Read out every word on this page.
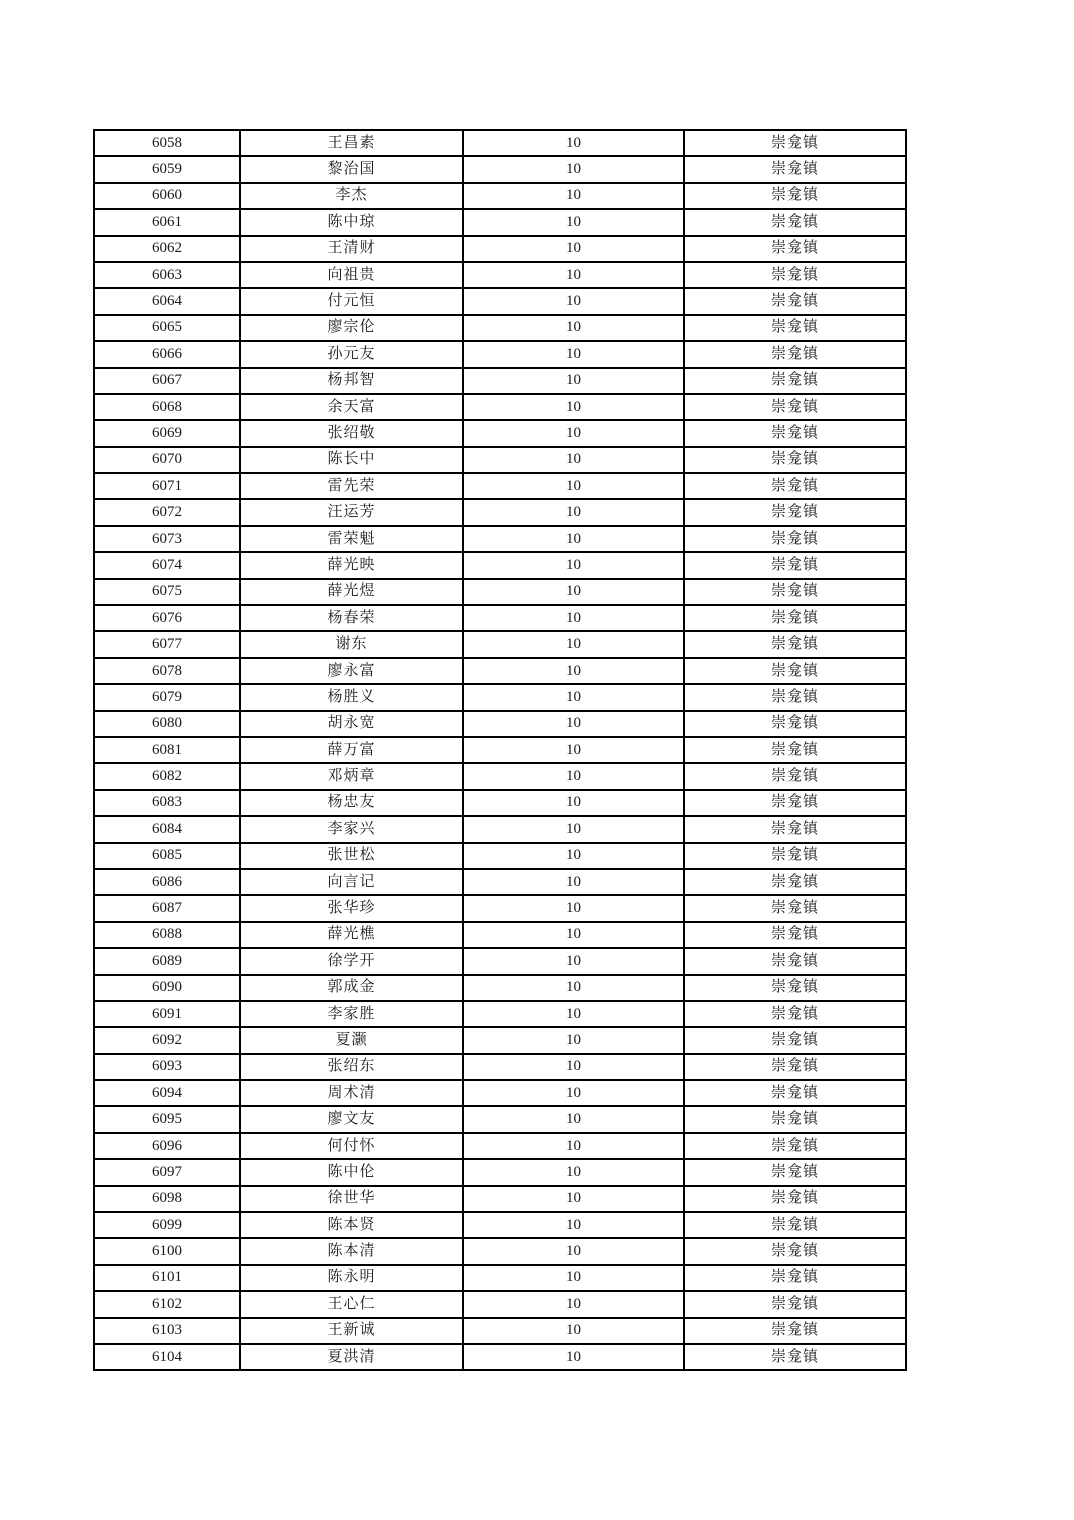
6058	王昌素	10	崇龛镇
6059	黎治国	10	崇龛镇
6060	李杰	10	崇龛镇
6061	陈中琼	10	崇龛镇
6062	王清财	10	崇龛镇
6063	向祖贵	10	崇龛镇
6064	付元恒	10	崇龛镇
6065	廖宗伦	10	崇龛镇
6066	孙元友	10	崇龛镇
6067	杨邦智	10	崇龛镇
6068	余天富	10	崇龛镇
6069	张绍敬	10	崇龛镇
6070	陈长中	10	崇龛镇
6071	雷先荣	10	崇龛镇
6072	汪运芳	10	崇龛镇
6073	雷荣魁	10	崇龛镇
6074	薛光映	10	崇龛镇
6075	薛光煜	10	崇龛镇
6076	杨春荣	10	崇龛镇
6077	谢东	10	崇龛镇
6078	廖永富	10	崇龛镇
6079	杨胜义	10	崇龛镇
6080	胡永宽	10	崇龛镇
6081	薛万富	10	崇龛镇
6082	邓炳章	10	崇龛镇
6083	杨忠友	10	崇龛镇
6084	李家兴	10	崇龛镇
6085	张世松	10	崇龛镇
6086	向言记	10	崇龛镇
6087	张华珍	10	崇龛镇
6088	薛光樵	10	崇龛镇
6089	徐学开	10	崇龛镇
6090	郭成金	10	崇龛镇
6091	李家胜	10	崇龛镇
6092	夏灏	10	崇龛镇
6093	张绍东	10	崇龛镇
6094	周术清	10	崇龛镇
6095	廖文友	10	崇龛镇
6096	何付怀	10	崇龛镇
6097	陈中伦	10	崇龛镇
6098	徐世华	10	崇龛镇
6099	陈本贤	10	崇龛镇
6100	陈本清	10	崇龛镇
6101	陈永明	10	崇龛镇
6102	王心仁	10	崇龛镇
6103	王新诚	10	崇龛镇
6104	夏洪清	10	崇龛镇
